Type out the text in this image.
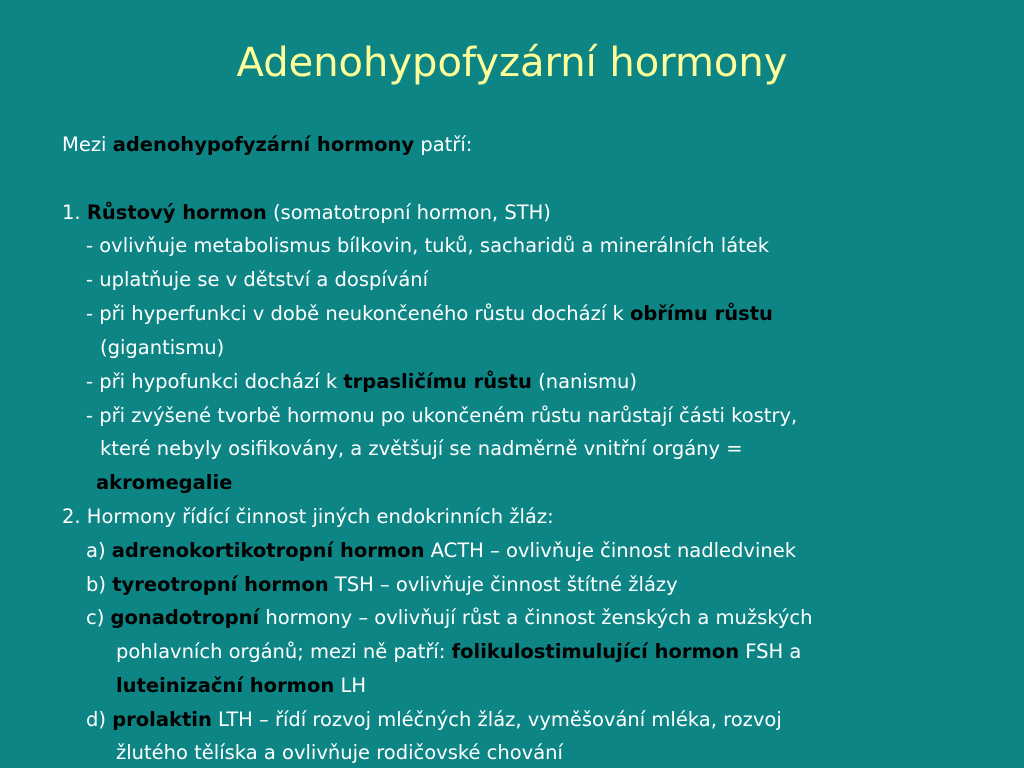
Adenohypofyzární hormony
Mezi adenohypofyzární hormony patří:
1. Růstový hormon (somatotropní hormon, STH)
- ovlivňuje metabolismus bílkovin, tuků, sacharidů a minerálních látek
- uplatňuje se v dětství a dospívání
- při hyperfunkci v době neukončeného růstu dochází k obřímu růstu
(gigantismu)
- při hypofunkci dochází k trpasličímu růstu (nanismu)
- při zvýšené tvorbě hormonu po ukončeném růstu narůstají části kostry,
které nebyly osifikovány, a zvětšují se nadměrně vnitřní orgány =
akromegalie
2. Hormony řídící činnost jiných endokrinních žláz:
a) adrenokortikotropní hormon ACTH – ovlivňuje činnost nadledvinek
b) tyreotropní hormon TSH – ovlivňuje činnost štítné žlázy
c) gonadotropní hormony – ovlivňují růst a činnost ženských a mužských
pohlavních orgánů; mezi ně patří: folikulostimulující hormon FSH a
luteinizační hormon LH
d) prolaktin LTH – řídí rozvoj mléčných žláz, vyměšování mléka, rozvoj
žlutého tělíska a ovlivňuje rodičovské chování
